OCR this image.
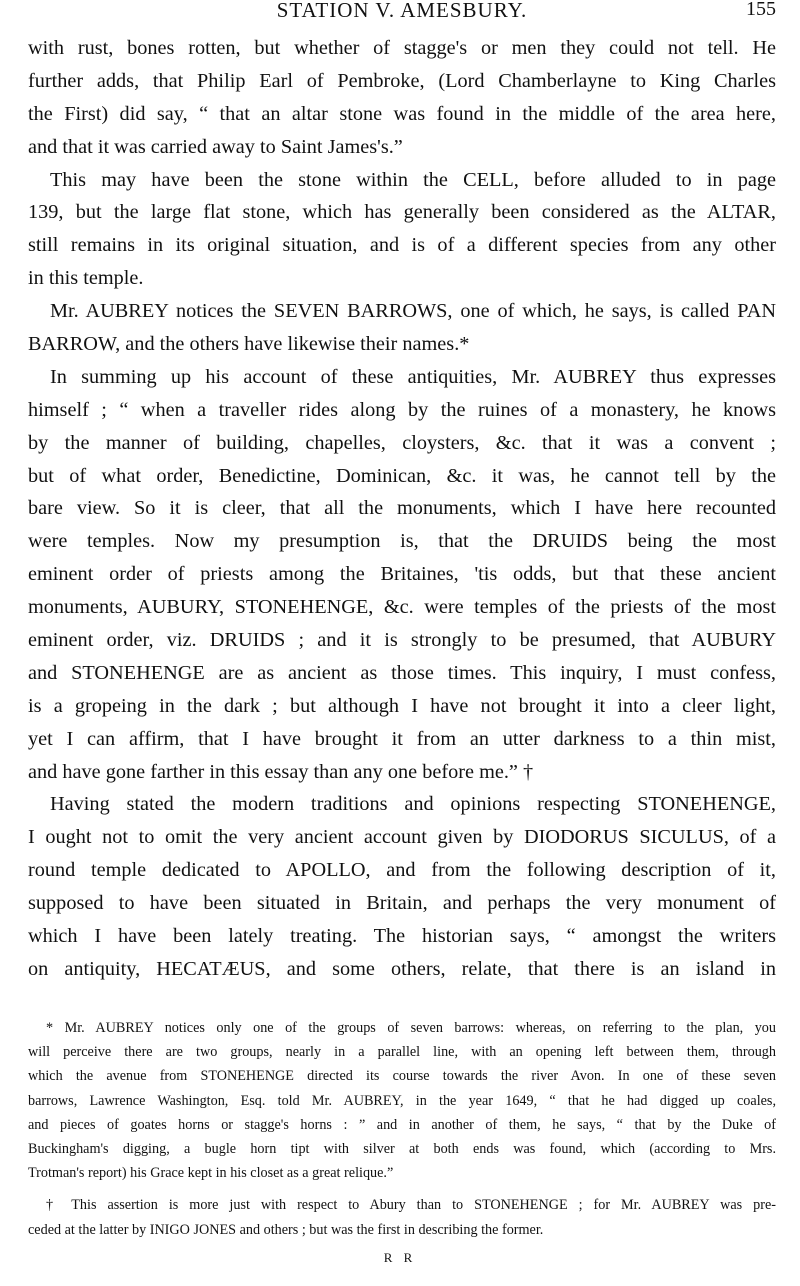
STATION V. AMESBURY.	155
with rust, bones rotten, but whether of stagge's or men they could not tell. He
further adds, that Philip Earl of Pembroke, (Lord Chamberlayne to King Charles
the First) did say, “ that an altar stone was found in the middle of the area here,
and that it was carried away to Saint James's.”
This may have been the stone within the CELL, before alluded to in page
139, but the large flat stone, which has generally been considered as the ALTAR,
still remains in its original situation, and is of a different species from any other
in this temple.
Mr. AUBREY notices the SEVEN BARROWS, one of which, he says, is called PAN
BARROW, and the others have likewise their names.*
In summing up his account of these antiquities, Mr. AUBREY thus expresses
himself ; “ when a traveller rides along by the ruines of a monastery, he knows
by the manner of building, chapelles, cloysters, &c. that it was a convent ;
but of what order, Benedictine, Dominican, &c. it was, he cannot tell by the
bare view. So it is cleer, that all the monuments, which I have here recounted
were temples. Now my presumption is, that the DRUIDS being the most
eminent order of priests among the Britaines, 'tis odds, but that these ancient
monuments, AUBURY, STONEHENGE, &c. were temples of the priests of the most
eminent order, viz. DRUIDS ; and it is strongly to be presumed, that AUBURY
and STONEHENGE are as ancient as those times. This inquiry, I must confess,
is a gropeing in the dark ; but although I have not brought it into a cleer light,
yet I can affirm, that I have brought it from an utter darkness to a thin mist,
and have gone farther in this essay than any one before me.” †
Having stated the modern traditions and opinions respecting STONEHENGE,
I ought not to omit the very ancient account given by DIODORUS SICULUS, of a
round temple dedicated to APOLLO, and from the following description of it,
supposed to have been situated in Britain, and perhaps the very monument of
which I have been lately treating. The historian says, “ amongst the writers
on antiquity, HECATÆUS, and some others, relate, that there is an island in
* Mr. AUBREY notices only one of the groups of seven barrows: whereas, on referring to the plan, you
will perceive there are two groups, nearly in a parallel line, with an opening left between them, through
which the avenue from STONEHENGE directed its course towards the river Avon. In one of these seven
barrows, Lawrence Washington, Esq. told Mr. AUBREY, in the year 1649, “ that he had digged up coales,
and pieces of goates horns or stagge's horns : ” and in another of them, he says, “ that by the Duke of
Buckingham's digging, a bugle horn tipt with silver at both ends was found, which (according to Mrs.
Trotman's report) his Grace kept in his closet as a great relique.”
† This assertion is more just with respect to Abury than to STONEHENGE ; for Mr. AUBREY was pre-
ceded at the latter by INIGO JONES and others ; but was the first in describing the former.
R R
